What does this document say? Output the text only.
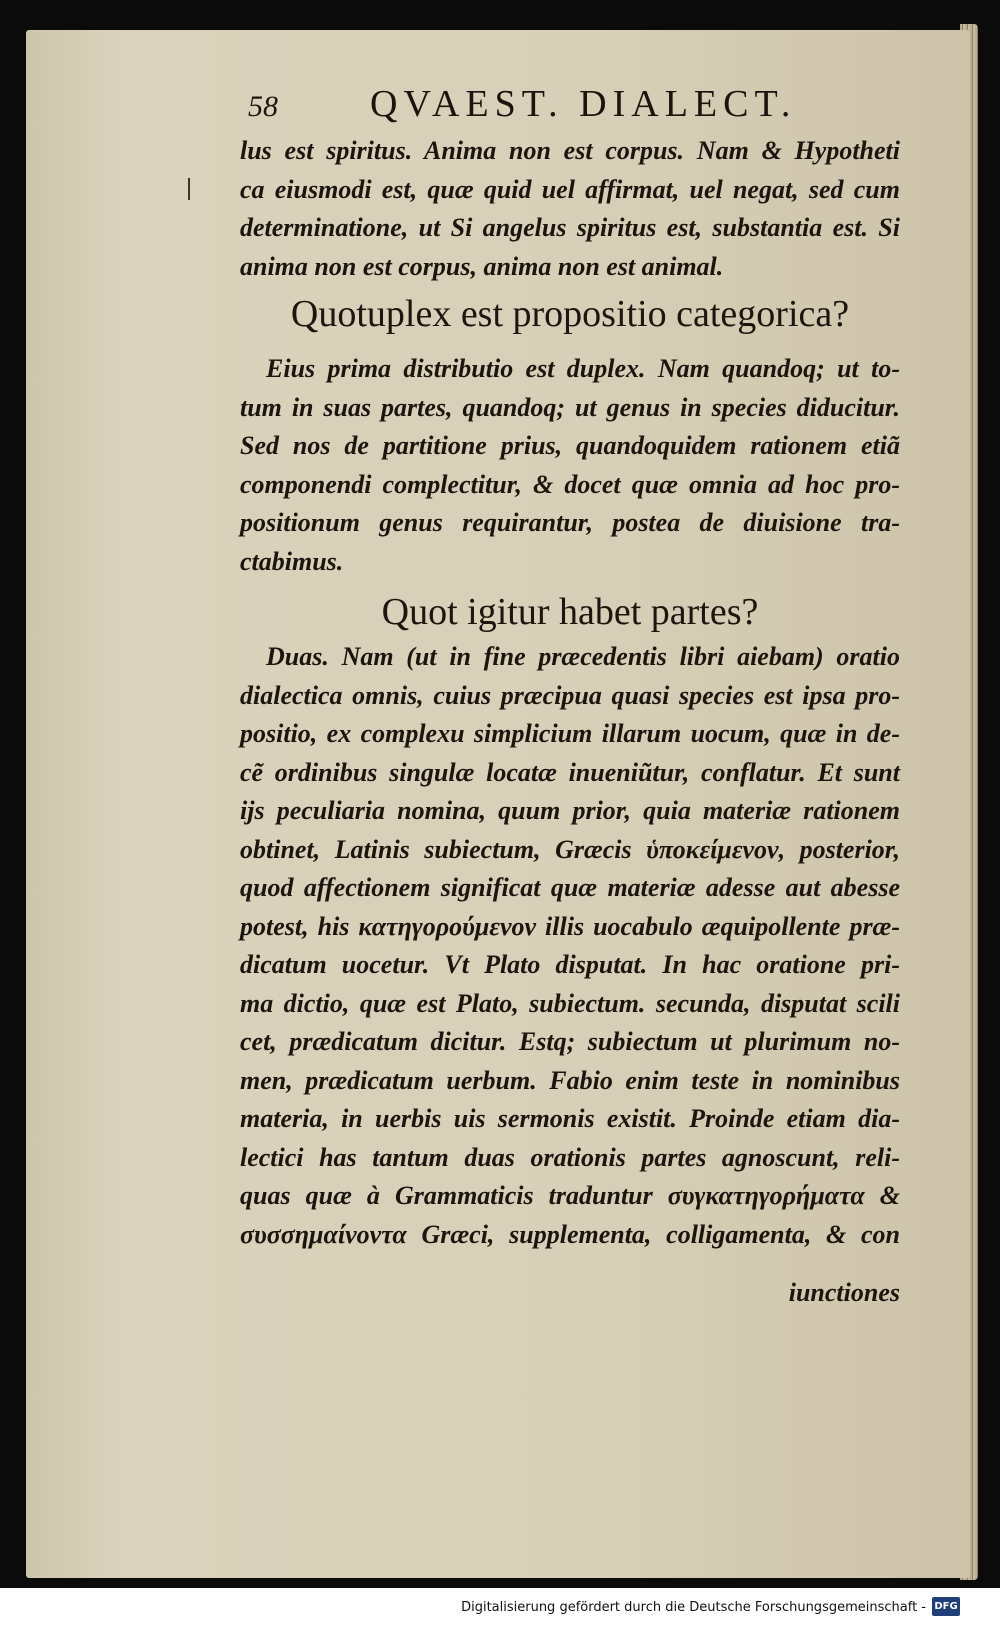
58 QVAEST. DIALECT.
lus est spiritus. Anima non est corpus. Nam & Hypotheti
ca eiusmodi est, quæ quid uel affirmat, uel negat, sed cum
determinatione, ut Si angelus spiritus est, substantia est. Si
anima non est corpus, anima non est animal.
Quotuplex est propositio categorica?
Eius prima distributio est duplex. Nam quandoq; ut to-
tum in suas partes, quandoq; ut genus in species diducitur.
Sed nos de partitione prius, quandoquidem rationem etiã
componendi complectitur, & docet quæ omnia ad hoc pro-
positionum genus requirantur, postea de diuisione tra-
ctabimus.
Quot igitur habet partes?
Duas. Nam (ut in fine præcedentis libri aiebam) oratio
dialectica omnis, cuius præcipua quasi species est ipsa pro-
positio, ex complexu simplicium illarum uocum, quæ in de-
cẽ ordinibus singulæ locatæ inueniũtur, conflatur. Et sunt
ijs peculiaria nomina, quum prior, quia materiæ rationem
obtinet, Latinis subiectum, Græcis ὑποκείμενον, posterior,
quod affectionem significat quæ materiæ adesse aut abesse
potest, his κατηγορούμενον illis uocabulo æquipollente præ-
dicatum uocetur. Vt Plato disputat. In hac oratione pri-
ma dictio, quæ est Plato, subiectum. secunda, disputat scili
cet, prædicatum dicitur. Estq; subiectum ut plurimum no-
men, prædicatum uerbum. Fabio enim teste in nominibus
materia, in uerbis uis sermonis existit. Proinde etiam dia-
lectici has tantum duas orationis partes agnoscunt, reli-
quas quæ à Grammaticis traduntur συγκατηγορήματα &
συσσημαίνοντα Græci, supplementa, colligamenta, & con
iunctiones
Digitalisierung gefördert durch die Deutsche Forschungsgemeinschaft - DFG
